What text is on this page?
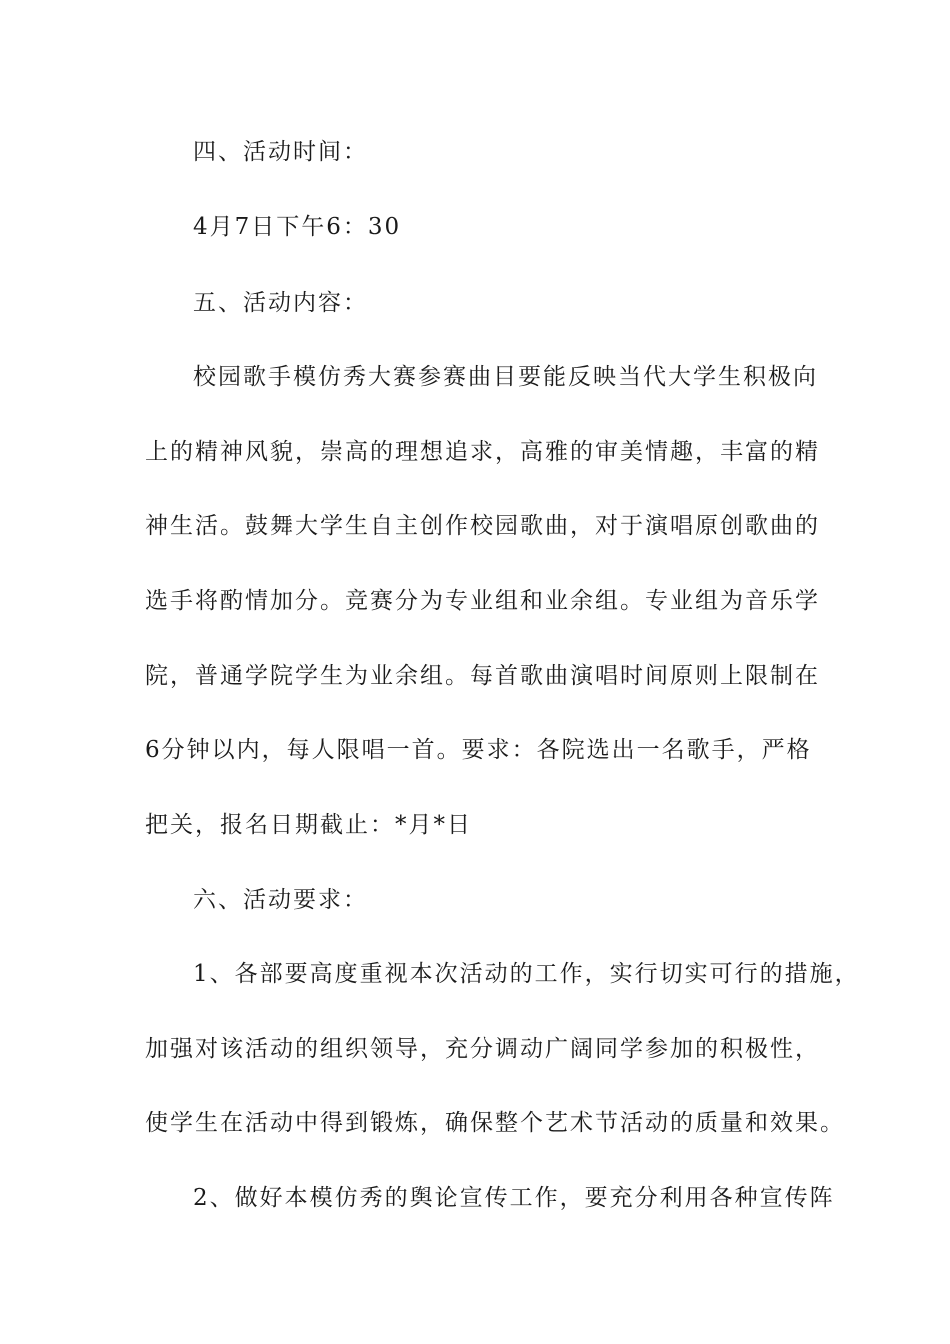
四、活动时间：
4月7日下午6：30
五、活动内容：
校园歌手模仿秀大赛参赛曲目要能反映当代大学生积极向
上的精神风貌，崇高的理想追求，高雅的审美情趣，丰富的精
神生活。鼓舞大学生自主创作校园歌曲，对于演唱原创歌曲的
选手将酌情加分。竞赛分为专业组和业余组。专业组为音乐学
院，普通学院学生为业余组。每首歌曲演唱时间原则上限制在
6分钟以内，每人限唱一首。要求：各院选出一名歌手，严格
把关，报名日期截止：*月*日
六、活动要求：
1、各部要高度重视本次活动的工作，实行切实可行的措施，
加强对该活动的组织领导，充分调动广阔同学参加的积极性，
使学生在活动中得到锻炼，确保整个艺术节活动的质量和效果。
2、做好本模仿秀的舆论宣传工作，要充分利用各种宣传阵
